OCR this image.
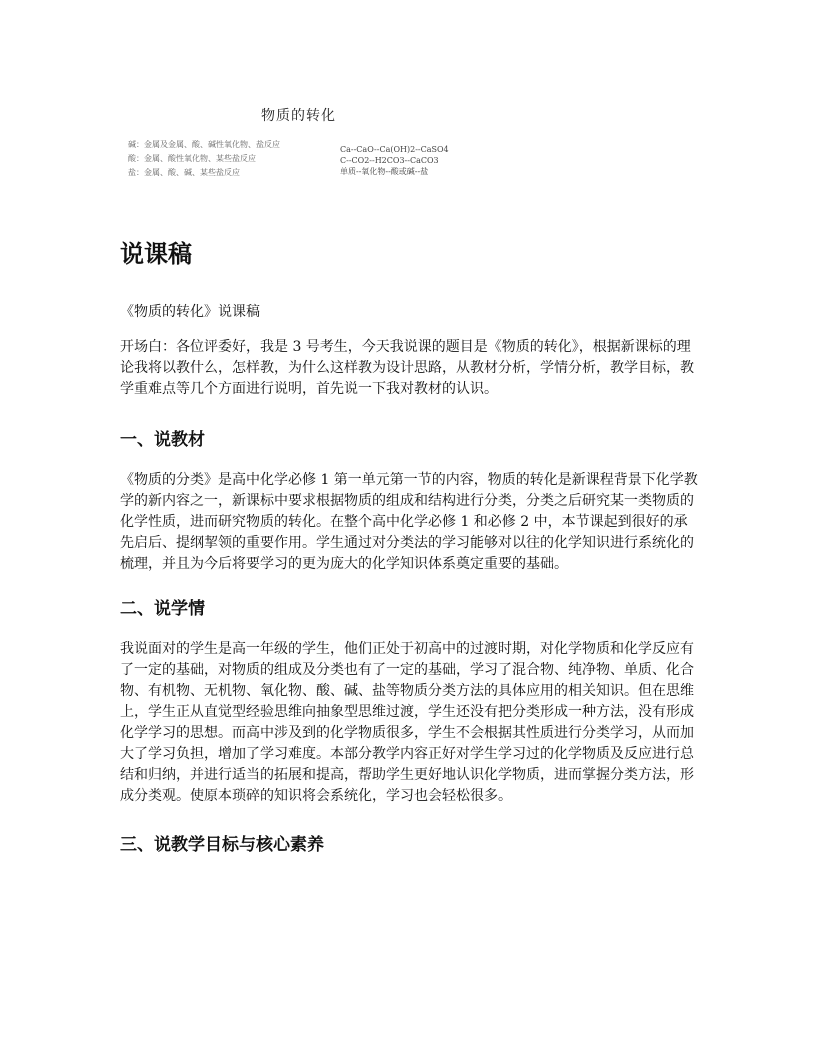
物质的转化
碱：金属及金属、酸、碱性氧化物、盐反应
酸：金属、酸性氧化物、某些盐反应
盐：金属、酸、碱、某些盐反应
Ca--CaO--Ca(OH)2--CaSO4
C--CO2--H2CO3--CaCO3
单质--氧化物--酸或碱--盐
说课稿

《物质的转化》说课稿

开场白：各位评委好，我是 3 号考生，今天我说课的题目是《物质的转化》，根据新课标的理论我将以教什么，怎样教，为什么这样教为设计思路，从教材分析，学情分析，教学目标，教学重难点等几个方面进行说明，首先说一下我对教材的认识。

一、说教材

《物质的分类》是高中化学必修 1 第一单元第一节的内容，物质的转化是新课程背景下化学教学的新内容之一，新课标中要求根据物质的组成和结构进行分类，分类之后研究某一类物质的化学性质，进而研究物质的转化。在整个高中化学必修 1 和必修 2 中，本节课起到很好的承先启后、提纲挈领的重要作用。学生通过对分类法的学习能够对以往的化学知识进行系统化的梳理，并且为今后将要学习的更为庞大的化学知识体系奠定重要的基础。

二、说学情

我说面对的学生是高一年级的学生，他们正处于初高中的过渡时期，对化学物质和化学反应有了一定的基础，对物质的组成及分类也有了一定的基础，学习了混合物、纯净物、单质、化合物、有机物、无机物、氧化物、酸、碱、盐等物质分类方法的具体应用的相关知识。但在思维上，学生正从直觉型经验思维向抽象型思维过渡，学生还没有把分类形成一种方法，没有形成化学学习的思想。而高中涉及到的化学物质很多，学生不会根据其性质进行分类学习，从而加大了学习负担，增加了学习难度。本部分教学内容正好对学生学习过的化学物质及反应进行总结和归纳，并进行适当的拓展和提高，帮助学生更好地认识化学物质，进而掌握分类方法，形成分类观。使原本琐碎的知识将会系统化，学习也会轻松很多。

三、说教学目标与核心素养
